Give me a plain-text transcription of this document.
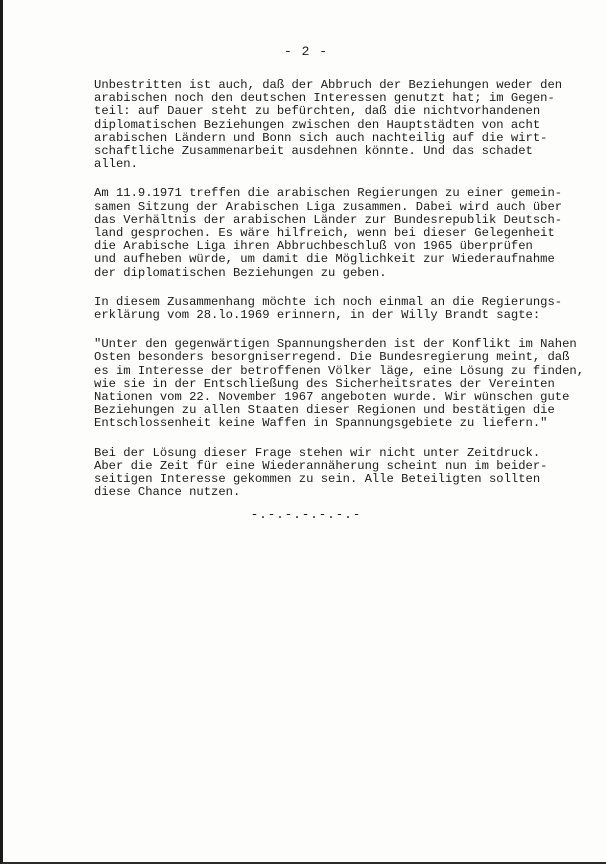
- 2 -

Unbestritten ist auch, daß der Abbruch der Beziehungen weder den
arabischen noch den deutschen Interessen genutzt hat; im Gegen-
teil: auf Dauer steht zu befürchten, daß die nichtvorhandenen
diplomatischen Beziehungen zwischen den Hauptstädten von acht
arabischen Ländern und Bonn sich auch nachteilig auf die wirt-
schaftliche Zusammenarbeit ausdehnen könnte. Und das schadet
allen.

Am 11.9.1971 treffen die arabischen Regierungen zu einer gemein-
samen Sitzung der Arabischen Liga zusammen. Dabei wird auch über
das Verhältnis der arabischen Länder zur Bundesrepublik Deutsch-
land gesprochen. Es wäre hilfreich, wenn bei dieser Gelegenheit
die Arabische Liga ihren Abbruchbeschluß von 1965 überprüfen
und aufheben würde, um damit die Möglichkeit zur Wiederaufnahme
der diplomatischen Beziehungen zu geben.

In diesem Zusammenhang möchte ich noch einmal an die Regierungs-
erklärung vom 28.lo.1969 erinnern, in der Willy Brandt sagte:

"Unter den gegenwärtigen Spannungsherden ist der Konflikt im Nahen
Osten besonders besorgniserregend. Die Bundesregierung meint, daß
es im Interesse der betroffenen Völker läge, eine Lösung zu finden,
wie sie in der Entschließung des Sicherheitsrates der Vereinten
Nationen vom 22. November 1967 angeboten wurde. Wir wünschen gute
Beziehungen zu allen Staaten dieser Regionen und bestätigen die
Entschlossenheit keine Waffen in Spannungsgebiete zu liefern."

Bei der Lösung dieser Frage stehen wir nicht unter Zeitdruck.
Aber die Zeit für eine Wiederannäherung scheint nun im beider-
seitigen Interesse gekommen zu sein. Alle Beteiligten sollten
diese Chance nutzen.

-.-.-.-.-.-.-
